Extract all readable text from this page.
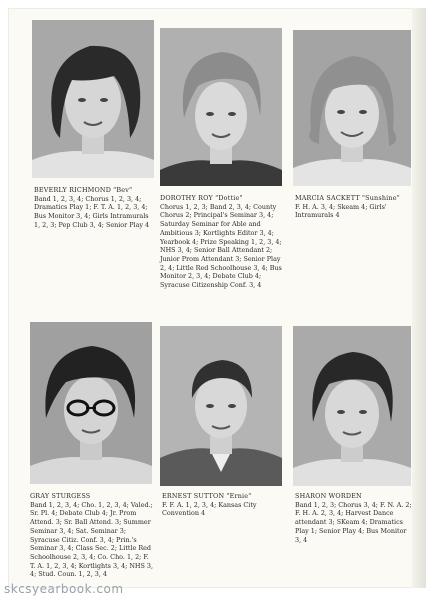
BEVERLY RICHMOND "Bev"
Band 1, 2, 3, 4; Chorus 1, 2, 3, 4; Dramatics Play 1; F. T. A. 1, 2, 3, 4; Bus Monitor 3, 4; Girls Intramurals 1, 2, 3; Pep Club 3, 4; Senior Play 4
DOROTHY ROY "Dottie"
Chorus 1, 2, 3; Band 2, 3, 4; County Chorus 2; Principal's Seminar 3, 4; Saturday Seminar for Able and Ambitious 3; Kortlights Editor 3, 4; Yearbook 4; Prize Speaking 1, 2, 3, 4; NHS 3, 4; Senior Ball Attendant 2; Junior Prom Attendant 3; Senior Play 2, 4; Little Red Schoolhouse 3, 4; Bus Monitor 2, 3, 4; Debate Club 4; Syracuse Citizenship Conf. 3, 4
MARCIA SACKETT "Sunshine"
F. H. A. 3, 4; Skeam 4; Girls' Intramurals 4
GRAY STURGESS
Band 1, 2, 3, 4; Cho. 1, 2, 3, 4; Valed.; Sr. Pl. 4; Debate Club 4; Jr. Prom Attend. 3; Sr. Ball Attend. 3; Summer Seminar 3, 4; Sat. Seminar 3; Syracuse Citiz. Conf. 3, 4; Prin.'s Seminar 3, 4; Class Sec. 2; Little Red Schoolhouse 2, 3, 4; Co. Cho. 1, 2; F. T. A. 1, 2, 3, 4; Kortlights 3, 4; NHS 3, 4; Stud. Coun. 1, 2, 3, 4
ERNEST SUTTON "Ernie"
F. F. A. 1, 2, 3, 4; Kansas City Convention 4
SHARON WORDEN
Band 1, 2, 3; Chorus 3, 4; F. N. A. 2; F. H. A. 2, 3, 4; Harvest Dance attendant 3; SKeam 4; Dramatics Play 1; Senior Play 4; Bus Monitor 3, 4
skcsyearbook.com
